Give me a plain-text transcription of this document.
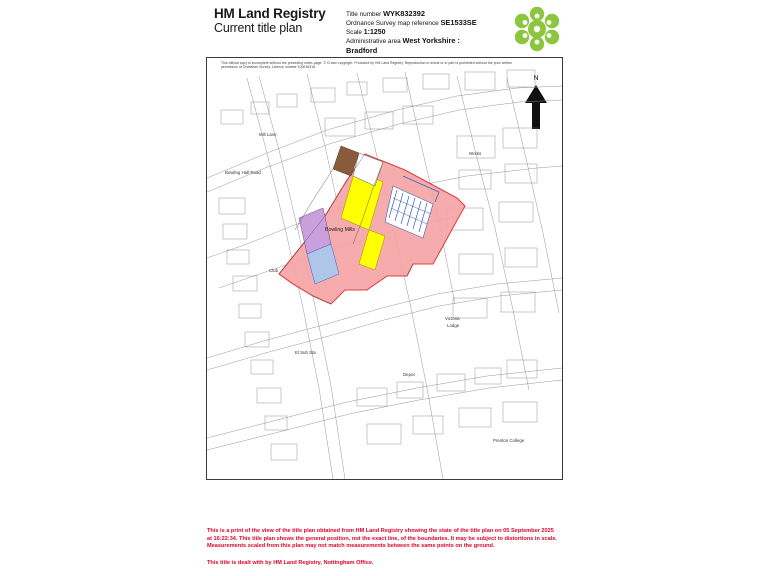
HM Land Registry
Current title plan
Title number WYK832392
Ordnance Survey map reference SE1533SE
Scale 1:1250
Administrative area West Yorkshire :
Bradford
This official copy is incomplete without the preceding notes page. © Crown copyright. Produced by HM Land Registry. Reproduction in whole or in part is prohibited without the prior written permission of Ordnance Survey. Licence number 100026316.
N
Bowling Mills
Mill Lane
Bowling Hall Road
Works
Victoria
Lodge
Preston College
Club
Depot
El Sub Sta

This is a print of the view of the title plan obtained from HM Land Registry showing the state of the title plan on 05 September 2025 at 16:22:34. This title plan shows the general position, not the exact line, of the boundaries. It may be subject to distortions in scale. Measurements scaled from this plan may not match measurements between the same points on the ground.

This title is dealt with by HM Land Registry, Nottingham Office.
